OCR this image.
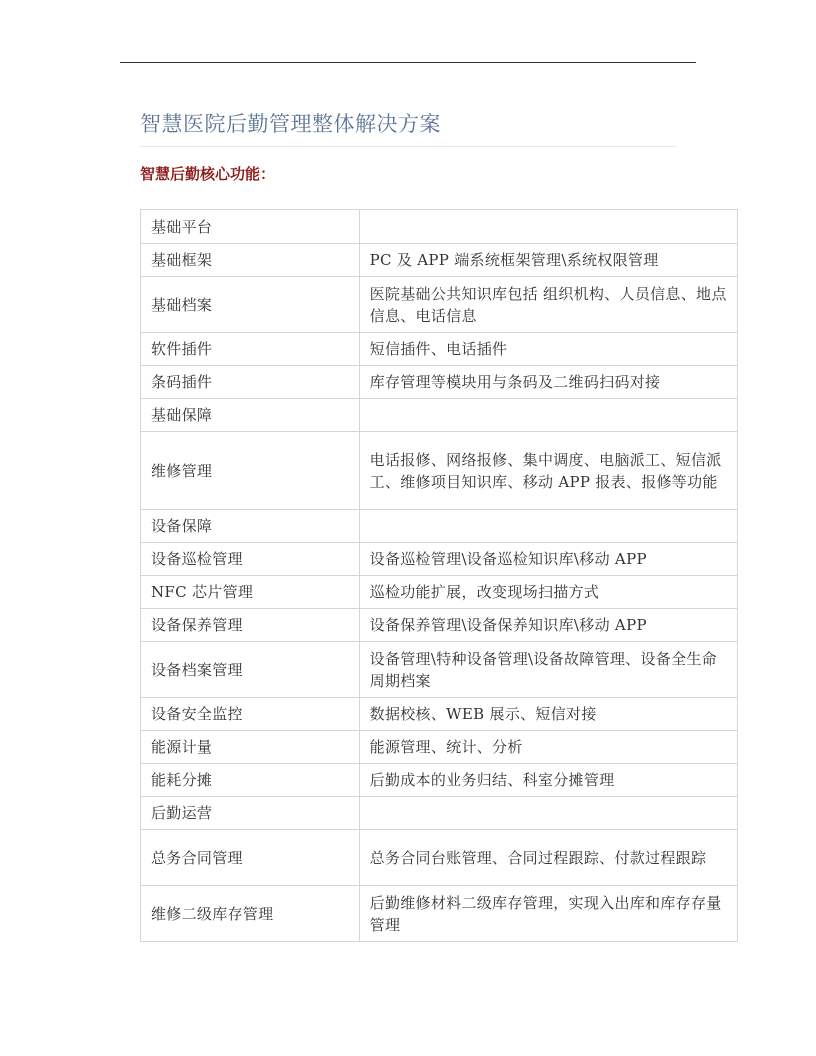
智慧医院后勤管理整体解决方案
智慧后勤核心功能：
基础平台	
基础框架	PC 及 APP 端系统框架管理\系统权限管理
基础档案	医院基础公共知识库包括 组织机构、人员信息、地点信息、电话信息
软件插件	短信插件、电话插件
条码插件	库存管理等模块用与条码及二维码扫码对接
基础保障	
维修管理	电话报修、网络报修、集中调度、电脑派工、短信派工、维修项目知识库、移动 APP 报表、报修等功能
设备保障	
设备巡检管理	设备巡检管理\设备巡检知识库\移动 APP
NFC 芯片管理	巡检功能扩展，改变现场扫描方式
设备保养管理	设备保养管理\设备保养知识库\移动 APP
设备档案管理	设备管理\特种设备管理\设备故障管理、设备全生命周期档案
设备安全监控	数据校核、WEB 展示、短信对接
能源计量	能源管理、统计、分析
能耗分摊	后勤成本的业务归结、科室分摊管理
后勤运营	
总务合同管理	总务合同台账管理、合同过程跟踪、付款过程跟踪
维修二级库存管理	后勤维修材料二级库存管理，实现入出库和库存存量管理
